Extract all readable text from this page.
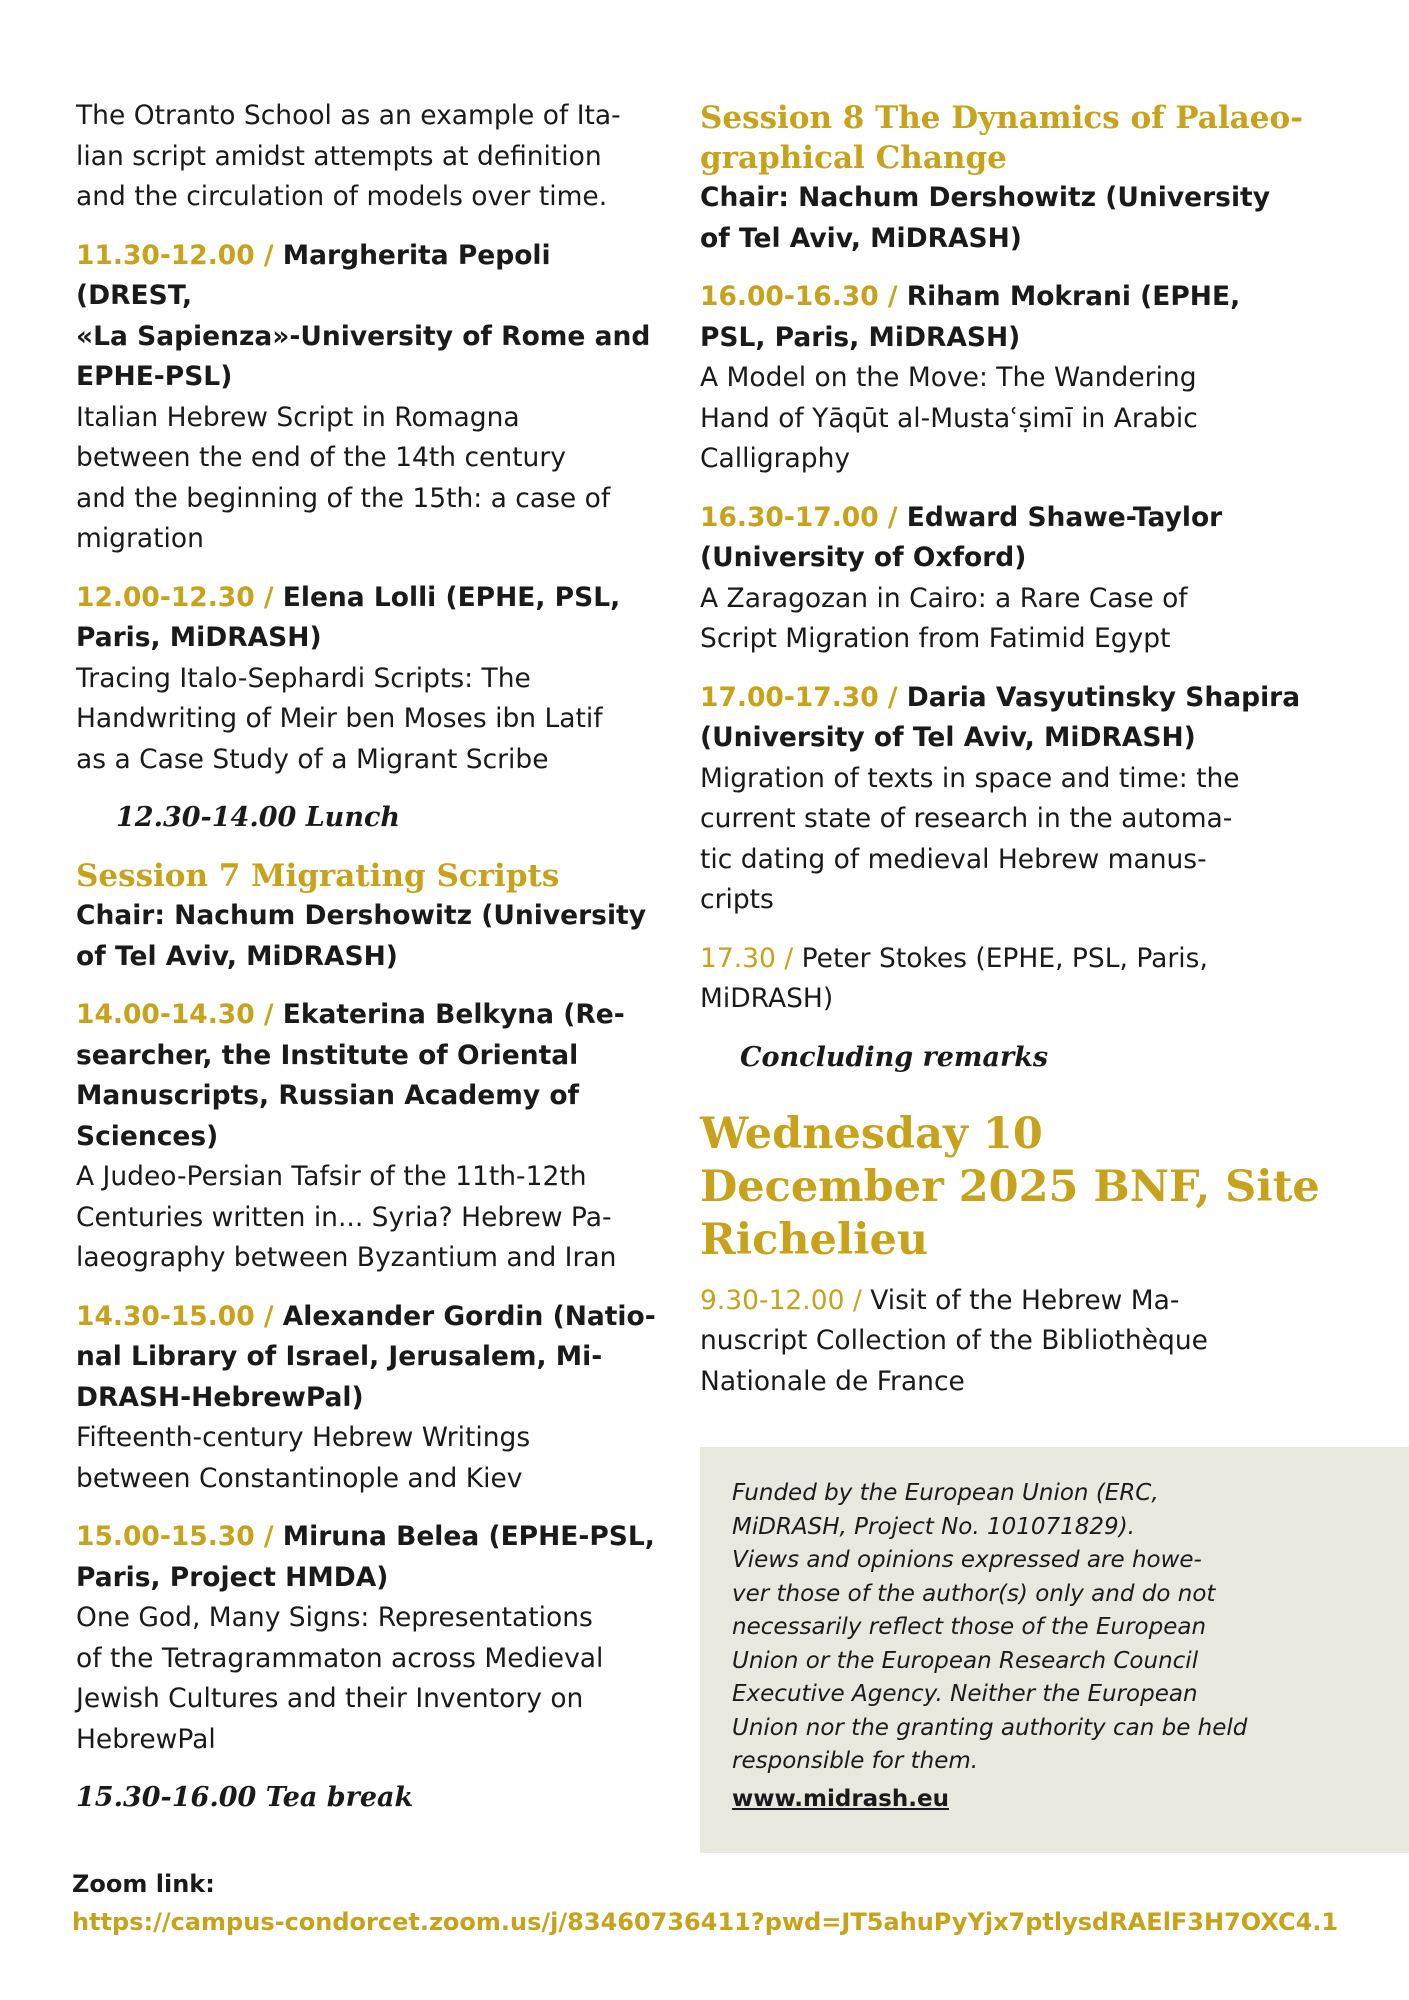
The Otranto School as an example of Ita-
lian script amidst attempts at definition
and the circulation of models over time.
11.30-12.00 / Margherita Pepoli (DREST,
«La Sapienza»-University of Rome and
EPHE-PSL)
Italian Hebrew Script in Romagna
between the end of the 14th century
and the beginning of the 15th: a case of
migration
12.00-12.30 / Elena Lolli (EPHE, PSL,
Paris, MiDRASH)
Tracing Italo-Sephardi Scripts: The
Handwriting of Meir ben Moses ibn Latif
as a Case Study of a Migrant Scribe
12.30-14.00 Lunch
Session 7 Migrating Scripts
Chair: Nachum Dershowitz (University
of Tel Aviv, MiDRASH)
14.00-14.30 / Ekaterina Belkyna (Re-
searcher, the Institute of Oriental
Manuscripts, Russian Academy of
Sciences)
A Judeo-Persian Tafsir of the 11th-12th
Centuries written in... Syria? Hebrew Pa-
laeography between Byzantium and Iran
14.30-15.00 / Alexander Gordin (Natio-
nal Library of Israel, Jerusalem, Mi-
DRASH-HebrewPal)
Fifteenth-century Hebrew Writings
between Constantinople and Kiev
15.00-15.30 / Miruna Belea (EPHE-PSL,
Paris, Project HMDA)
One God, Many Signs: Representations
of the Tetragrammaton across Medieval
Jewish Cultures and their Inventory on
HebrewPal
15.30-16.00 Tea break
Session 8 The Dynamics of Palaeo-
graphical Change
Chair: Nachum Dershowitz (University
of Tel Aviv, MiDRASH)
16.00-16.30 / Riham Mokrani (EPHE,
PSL, Paris, MiDRASH)
A Model on the Move: The Wandering
Hand of Yāqūt al-Mustaʿṣimī in Arabic
Calligraphy
16.30-17.00 / Edward Shawe-Taylor
(University of Oxford)
A Zaragozan in Cairo: a Rare Case of
Script Migration from Fatimid Egypt
17.00-17.30 / Daria Vasyutinsky Shapira
(University of Tel Aviv, MiDRASH)
Migration of texts in space and time: the
current state of research in the automa-
tic dating of medieval Hebrew manus-
cripts
17.30 / Peter Stokes (EPHE, PSL, Paris,
MiDRASH)
Concluding remarks
Wednesday 10
December 2025 BNF, Site
Richelieu
9.30-12.00 / Visit of the Hebrew Ma-
nuscript Collection of the Bibliothèque
Nationale de France
Funded by the European Union (ERC,
MiDRASH, Project No. 101071829).
Views and opinions expressed are howe-
ver those of the author(s) only and do not
necessarily reflect those of the European
Union or the European Research Council
Executive Agency. Neither the European
Union nor the granting authority can be held
responsible for them.
www.midrash.eu
Zoom link:
https://campus-condorcet.zoom.us/j/83460736411?pwd=JT5ahuPyYjx7ptlysdRAElF3H7OXC4.1
